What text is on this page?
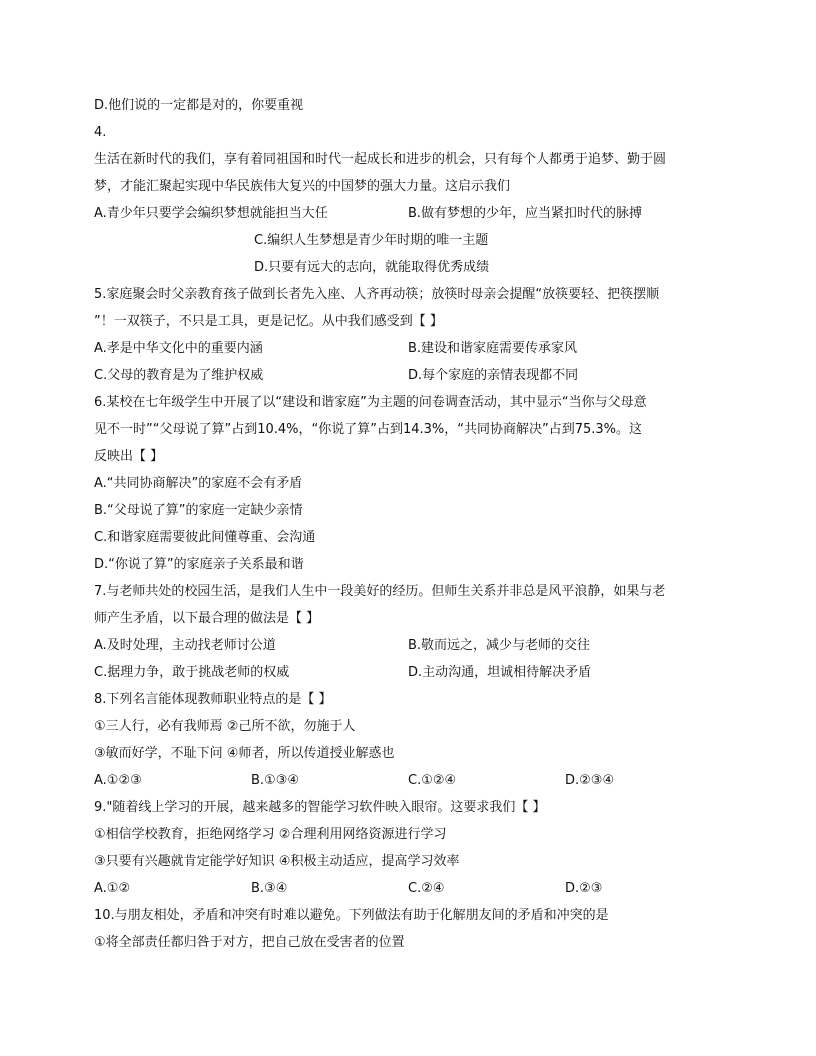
D.他们说的一定都是对的，你要重视
4.
生活在新时代的我们，享有着同祖国和时代一起成长和进步的机会，只有每个人都勇于追梦、勤于圆
梦，才能汇聚起实现中华民族伟大复兴的中国梦的强大力量。这启示我们
A.青少年只要学会编织梦想就能担当大任	B.做有梦想的少年，应当紧扣时代的脉搏
C.编织人生梦想是青少年时期的唯一主题
D.只要有远大的志向，就能取得优秀成绩
5.家庭聚会时父亲教育孩子做到长者先入座、人齐再动筷；放筷时母亲会提醒“放筷要轻、把筷摆顺
”！一双筷子，不只是工具，更是记忆。从中我们感受到【 】
A.孝是中华文化中的重要内涵	B.建设和谐家庭需要传承家风
C.父母的教育是为了维护权威	D.每个家庭的亲情表现都不同
6.某校在七年级学生中开展了以“建设和谐家庭”为主题的问卷调查活动，其中显示“当你与父母意
见不一时”“父母说了算”占到10.4%，“你说了算”占到14.3%，“共同协商解决”占到75.3%。这
反映出【 】
A.“共同协商解决”的家庭不会有矛盾
B.“父母说了算”的家庭一定缺少亲情
C.和谐家庭需要彼此间懂尊重、会沟通
D.“你说了算”的家庭亲子关系最和谐
7.与老师共处的校园生活，是我们人生中一段美好的经历。但师生关系并非总是风平浪静，如果与老
师产生矛盾，以下最合理的做法是【 】
A.及时处理，主动找老师讨公道	B.敬而远之，减少与老师的交往
C.据理力争，敢于挑战老师的权威	D.主动沟通，坦诚相待解决矛盾
8.下列名言能体现教师职业特点的是【 】
①三人行，必有我师焉 ②己所不欲，勿施于人
③敏而好学，不耻下问 ④师者，所以传道授业解惑也
A.①②③	B.①③④	C.①②④	D.②③④
9."随着线上学习的开展，越来越多的智能学习软件映入眼帘。这要求我们【 】
①相信学校教育，拒绝网络学习 ②合理利用网络资源进行学习
③只要有兴趣就肯定能学好知识 ④积极主动适应，提高学习效率
A.①②	B.③④	C.②④	D.②③
10.与朋友相处，矛盾和冲突有时难以避免。下列做法有助于化解朋友间的矛盾和冲突的是
①将全部责任都归咎于对方，把自己放在受害者的位置
